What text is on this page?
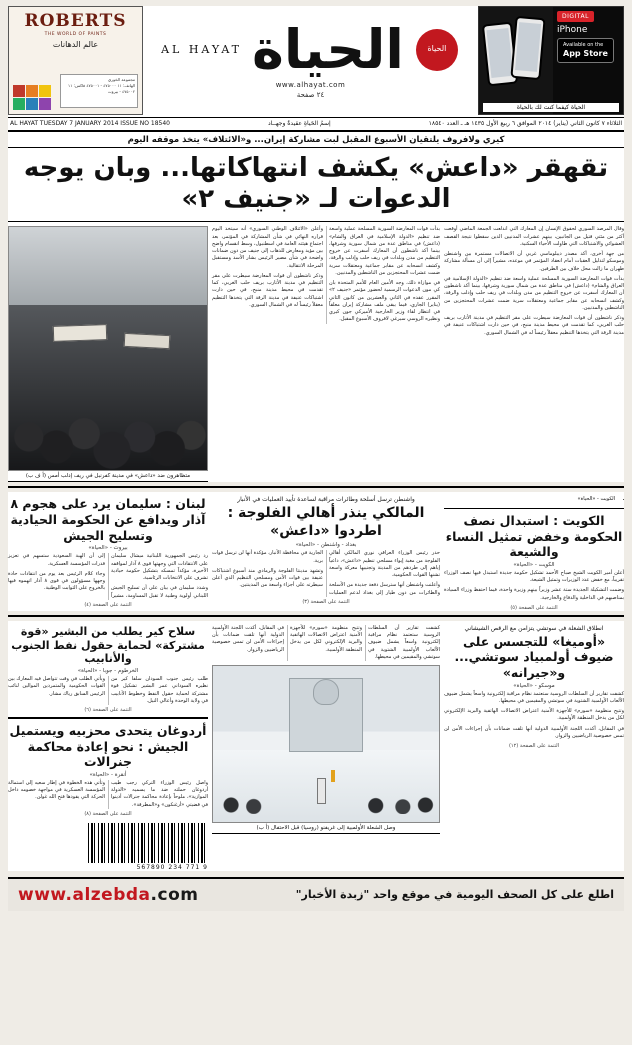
ROBERTS
THE WORLD OF PAINTS
عالم الدهانات
مجموعة الخوري
الهاتف: ١١ ٤٧٥٠٠٠ - ٤٧٥٠٠١ فاكس: ١١ ٤٧٥٠٠٢ - بيروت
AL HAYAT الحياة	الحياة
www.alhayat.com
٢٤ صفحة
DIGITAL
iPhone
Available on the
App Store
الحياة كيفما كنت لك بالحياة
AL HAYAT TUESDAY 7 JANUARY 2014 ISSUE NO 18540	إسمُ الحَياةِ عقيدةٌ وجهــاد	الثلاثاء ٧ كانون الثاني (يناير) ٢٠١٤ الموافق ٦ ربيع الأول ١٤٣٥ هـ ـ العدد ١٨٥٤٠
كيري ولافروف يلتقيان الأسبوع المقبل لبت مشاركة إيران... و«الائتلاف» يتخذ موقفه اليوم
تقهقر «داعش» يكشف انتهاكاتها... وبان يوجه الدعوات لـ «جنيف ٢»
متظاهرون ضد «داعش» في مدينة كفرنبل في ريف إدلب أمس (أ ف ب)

بدأت قوات المعارضة السورية المسلحة عملية واسعة ضد تنظيم «الدولة الإسلامية في العراق والشام» (داعش) في مناطق عدة من شمال سورية وشرقها، بينما أكد ناشطون أن المعارك أسفرت عن خروج التنظيم من مدن وبلدات في ريف حلب وإدلب والرقة، وكشف انسحابه عن مقابر جماعية ومعتقلات سرية ضمت عشرات المحتجزين من الناشطين والمدنيين.

في موازاة ذلك، وجه الأمين العام للأمم المتحدة بان كي مون الدعوات الرسمية لحضور مؤتمر «جنيف ٢» المقرر عقده في الثاني والعشرين من كانون الثاني (يناير) الجاري، فيما يبقى ملف مشاركة إيران معلقاً في انتظار لقاء وزير الخارجية الأميركي جون كيري ونظيره الروسي سيرغي لافروف الأسبوع المقبل.

وأعلن «الائتلاف الوطني السوري» أنه سيتخذ اليوم قراره النهائي في شأن المشاركة في المؤتمر، بعد اجتماع هيئته العامة في اسطنبول، وسط انقسام واضح بين مؤيد ومعارض للذهاب إلى جنيف من دون ضمانات واضحة في شأن مصير الرئيس بشار الأسد ومستقبل المرحلة الانتقالية.

وذكر ناشطون أن قوات المعارضة سيطرت على مقر التنظيم في مدينة الأتارب بريف حلب الغربي، كما تقدمت في محيط مدينة منبج، في حين دارت اشتباكات عنيفة في مدينة الرقة التي يتخذها التنظيم معقلاً رئيساً له في الشمال السوري.

وقال المرصد السوري لحقوق الإنسان إن المعارك التي اندلعت الجمعة الماضي أوقعت أكثر من مئتي قتيل من الجانبين، بينهم عشرات المدنيين الذين سقطوا نتيجة القصف العشوائي والاشتباكات التي طاولت الأحياء السكنية.

من جهة أخرى، أكد مصدر ديبلوماسي غربي أن الاتصالات مستمرة بين واشنطن وموسكو لتذليل العقبات أمام انعقاد المؤتمر في موعده، مشيراً إلى أن مسألة مشاركة طهران ما زالت محل خلاف بين الطرفين.

بدأت قوات المعارضة السورية المسلحة عملية واسعة ضد تنظيم «الدولة الإسلامية في العراق والشام» (داعش) في مناطق عدة من شمال سورية وشرقها، بينما أكد ناشطون أن المعارك أسفرت عن خروج التنظيم من مدن وبلدات في ريف حلب وإدلب والرقة، وكشف انسحابه عن مقابر جماعية ومعتقلات سرية ضمت عشرات المحتجزين من الناشطين والمدنيين.

وذكر ناشطون أن قوات المعارضة سيطرت على مقر التنظيم في مدينة الأتارب بريف حلب الغربي، كما تقدمت في محيط مدينة منبج، في حين دارت اشتباكات عنيفة في مدينة الرقة التي يتخذها التنظيم معقلاً رئيساً له في الشمال السوري.

لبنان : سليمان يرد على هجوم ٨ آذار ويدافع عن الحكومة الحيادية وتسليح الجيش
بيروت - «الحياة»

رد رئيس الجمهورية اللبنانية ميشال سليمان على الانتقادات التي وجهتها قوى ٨ آذار لمواقفه الأخيرة، مؤكداً تمسكه بتشكيل حكومة حيادية تشرف على الانتخابات الرئاسية.

وشدد سليمان في بيان على أن تسليح الجيش اللبناني أولوية وطنية لا تقبل المساومة، مشيراً إلى أن الهبة السعودية ستسهم في تعزيز قدرات المؤسسة العسكرية.

وجاء كلام الرئيس بعد يوم من انتقادات حادة وجهها مسؤولون في قوى ٨ آذار اتهموه فيها بالخروج على الثوابت الوطنية.

التتمة على الصفحة (٤)
واشنطن ترسل أسلحة وطائرات مراقبة لساعدة تأييد العمليات في الأنبار
المالكي ينذر أهالي الفلوجة : اطردوا «داعش»
بغداد - واشنطن - «الحياة»

حذر رئيس الوزراء العراقي نوري المالكي أهالي الفلوجة من مغبة إيواء مسلحي تنظيم «داعش»، داعياً إياهم إلى طردهم من المدينة وتجنيبها معركة واسعة تشنها القوات الحكومية.

وأعلنت واشنطن أنها سترسل دفعة جديدة من الأسلحة والطائرات من دون طيار إلى بغداد لدعم العمليات الجارية في محافظة الأنبار، مؤكدة أنها لن ترسل قوات برية.

وتشهد مدينتا الفلوجة والرمادي منذ أسبوع اشتباكات عنيفة بين قوات الأمن ومسلحي التنظيم الذي أعلن سيطرته على أجزاء واسعة من المدينتين.

التتمة على الصفحة (٣)
• الكويت - «الحياة»
الكويت : استبدال نصف الحكومة وخفض تمثيل النساء والشيعة
الكويت - «الحياة»

أعلن أمير الكويت الشيخ صباح الأحمد تشكيل حكومة جديدة استبدل فيها نصف الوزراء تقريباً، مع خفض عدد الوزيرات وتمثيل الشيعة.

وضمت التشكيلة الجديدة ستة عشر وزيراً بينهم وزيرة واحدة، فيما احتفظ وزراء السيادة بمناصبهم في الداخلية والدفاع والخارجية.

التتمة على الصفحة (٥)
سلاح كير يطلب من البشير «قوة مشتركة» لحماية حقول نفط الجنوب والأنابيب
الخرطوم - جوبا - «الحياة»

طلب رئيس جنوب السودان سلفا كير من نظيره السوداني عمر البشير تشكيل قوة مشتركة لحماية حقول النفط وخطوط الأنابيب في ولاية الوحدة وأعالي النيل.

ويأتي الطلب في وقت تتواصل فيه المعارك بين القوات الحكومية والمتمردين الموالين لنائب الرئيس السابق رياك مشار.

التتمة على الصفحة (٦)
أردوغان يتحدى محزبيه ويستميل الجيش : نحو إعادة محاكمة جنرالات
أنقرة - «الحياة»

واصل رئيس الوزراء التركي رجب طيب أردوغان حملته ضد ما يسميه «الدولة الموازية»، ملوحاً بإعادة محاكمة جنرالات أدينوا في قضيتي «أرغنكون» و«المطرقة».

وتأتي هذه الخطوة في إطار سعيه إلى استمالة المؤسسة العسكرية في مواجهة خصومه داخل الحركة التي يقودها فتح الله غولن.

التتمة على الصفحة (٨)
9 771 234 567890

كشفت تقارير أن السلطات الروسية ستعتمد نظام مراقبة إلكترونية واسعاً يشمل ضيوف الألعاب الأولمبية الشتوية في سوتشي والمقيمين في محيطها.

وتتيح منظومة «سورم» للأجهزة الأمنية اعتراض الاتصالات الهاتفية والبريد الإلكتروني لكل من يدخل المنطقة الأولمبية.

في المقابل، أكدت اللجنة الأولمبية الدولية أنها تلقت ضمانات بأن إجراءات الأمن لن تمس خصوصية الرياضيين والزوار.

وصل الشعلة الأولمبية إلى غريفنو (روسيا) قبل الاحتفال (أ ب)
انطلاق الشعلة في سوتشي يتزامن مع الرقص الشيشاني
«أوميغا» للتجسس على ضيوف أولمبياد سوتشي... و«جيرانه»
موسكو - «الحياة»

كشفت تقارير أن السلطات الروسية ستعتمد نظام مراقبة إلكترونية واسعاً يشمل ضيوف الألعاب الأولمبية الشتوية في سوتشي والمقيمين في محيطها.

وتتيح منظومة «سورم» للأجهزة الأمنية اعتراض الاتصالات الهاتفية والبريد الإلكتروني لكل من يدخل المنطقة الأولمبية.

في المقابل، أكدت اللجنة الأولمبية الدولية أنها تلقت ضمانات بأن إجراءات الأمن لن تمس خصوصية الرياضيين والزوار.

التتمة على الصفحة (١٢)
www.alzebda.com	اطلع على كل الصحف اليومية في موقع واحد "زبدة الأخبار"
